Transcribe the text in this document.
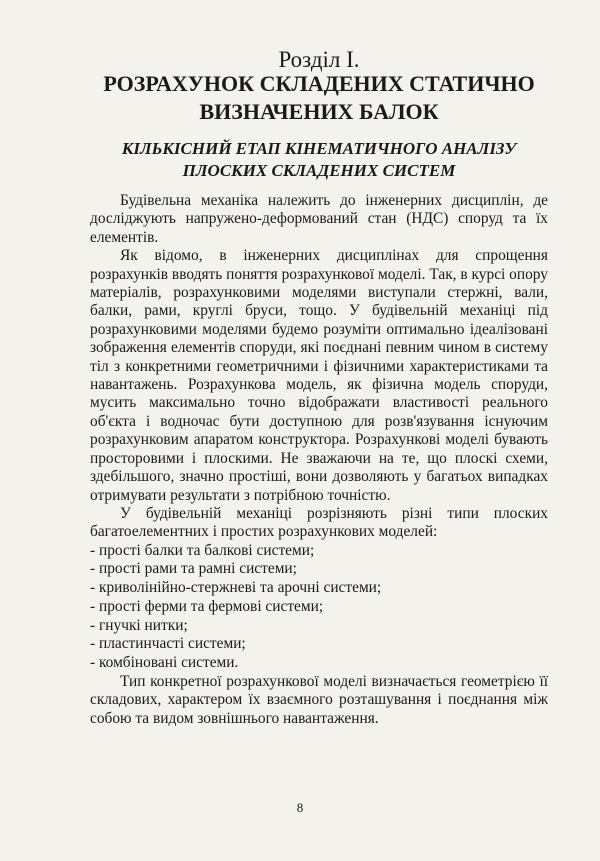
Розділ I.
РОЗРАХУНОК СКЛАДЕНИХ СТАТИЧНО
ВИЗНАЧЕНИХ БАЛОК
КІЛЬКІСНИЙ ЕТАП КІНЕМАТИЧНОГО АНАЛІЗУ
ПЛОСКИХ СКЛАДЕНИХ СИСТЕМ

Будівельна механіка належить до інженерних дисциплін, де досліджують напружено-деформований стан (НДС) споруд та їх елементів.

Як відомо, в інженерних дисциплінах для спрощення розрахунків вводять поняття розрахункової моделі. Так, в курсі опору матеріалів, розрахунковими моделями виступали стержні, вали, балки, рами, круглі бруси, тощо. У будівельній механіці під розрахунковими моделями будемо розуміти оптимально ідеалізовані зображення елементів споруди, які поєднані певним чином в систему тіл з конкретними геометричними і фізичними характеристиками та навантажень. Розрахункова модель, як фізична модель споруди, мусить максимально точно відображати властивості реального об'єкта і водночас бути доступною для розв'язування існуючим розрахунковим апаратом конструктора. Розрахункові моделі бувають просторовими і плоскими. Не зважаючи на те, що плоскі схеми, здебільшого, значно простіші, вони дозволяють у багатьох випадках отримувати результати з потрібною точністю.

У будівельній механіці розрізняють різні типи плоских багатоелементних і простих розрахункових моделей:

- прості балки та балкові системи;
- прості рами та рамні системи;
- криволінійно-стержневі та арочні системи;
- прості ферми та фермові системи;
- гнучкі нитки;
- пластинчасті системи;
- комбіновані системи.

Тип конкретної розрахункової моделі визначається геометрією її складових, характером їх взаємного розташування і поєднання між собою та видом зовнішнього навантаження.

8
